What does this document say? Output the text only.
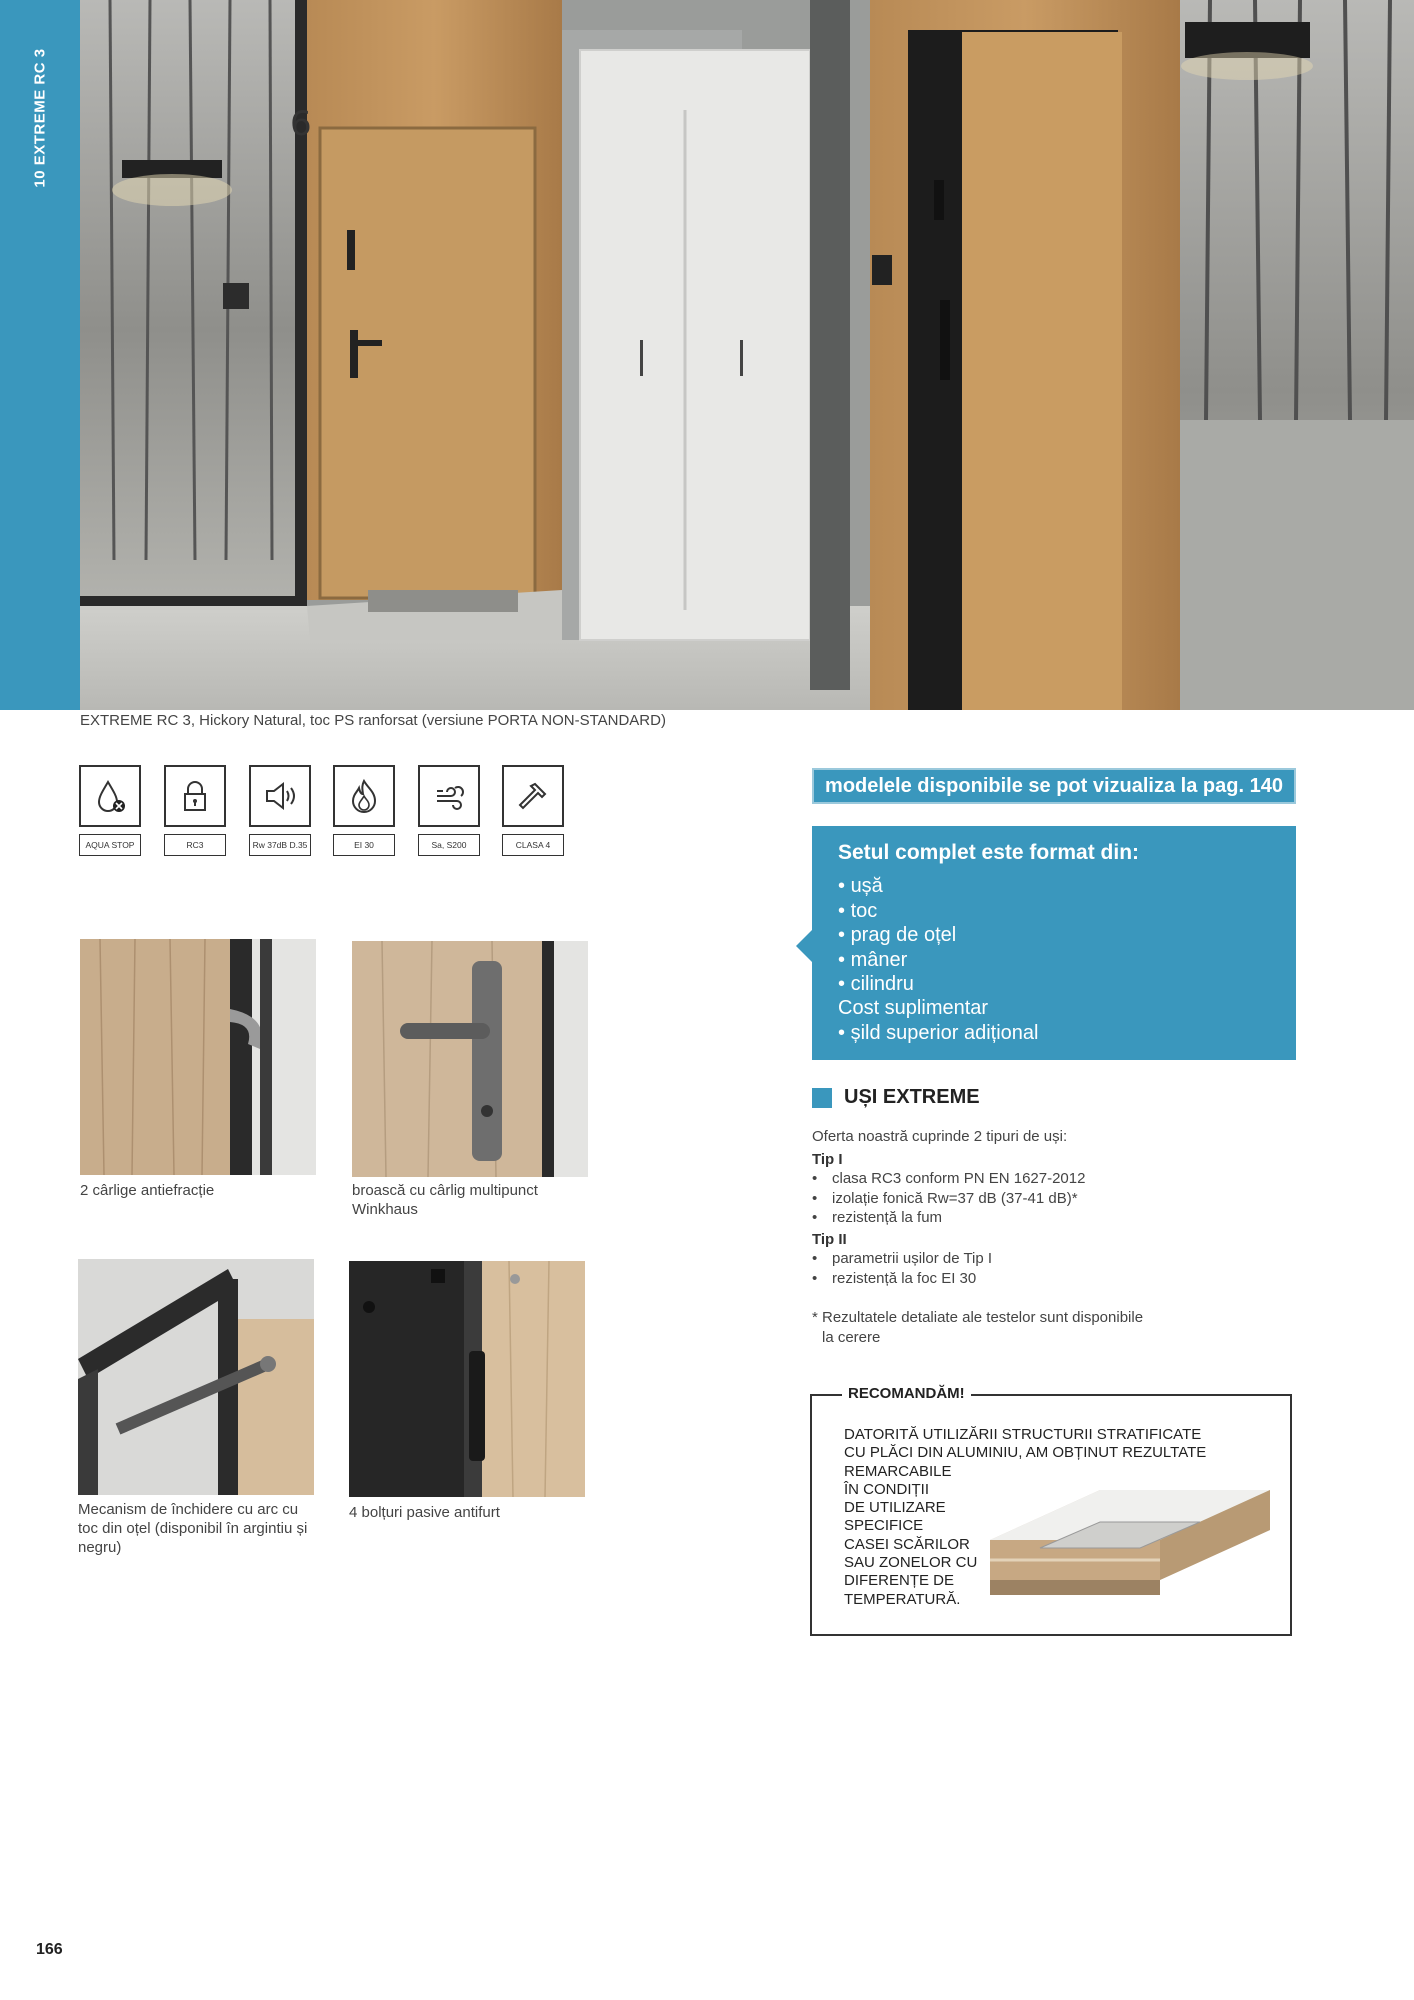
10 EXTREME RC 3	6
EXTREME RC 3, Hickory Natural, toc PS ranforsat (versiune PORTA NON-STANDARD)
AQUA STOP	RC3	Rw 37dB D.35	EI 30	Sa, S200	CLASA 4
2 cârlige antiefracție	broască cu cârlig multipunct Winkhaus
Mecanism de închidere cu arc cu toc din oțel (disponibil în argintiu și negru)
4 bolțuri pasive antifurt
modelele disponibile se pot vizualiza la pag. 140
Setul complet este format din:
• ușă
• toc
• prag de oțel
• mâner
• cilindru
Cost suplimentar
• șild superior adițional
UȘI EXTREME
Oferta noastră cuprinde 2 tipuri de uși:
Tip I
• clasa RC3 conform PN EN 1627-2012
• izolație fonică Rw=37 dB (37-41 dB)*
• rezistență la fum
Tip II
• parametrii ușilor de Tip I
• rezistență la foc EI 30
* Rezultatele detaliate ale testelor sunt disponibile
la cerere
RECOMANDĂM!
DATORITĂ UTILIZĂRII STRUCTURII STRATIFICATE
CU PLĂCI DIN ALUMINIU, AM OBȚINUT REZULTATE
REMARCABILE
ÎN CONDIȚII
DE UTILIZARE
SPECIFICE
CASEI SCĂRILOR
SAU ZONELOR CU
DIFERENȚE DE
TEMPERATURĂ.
166
